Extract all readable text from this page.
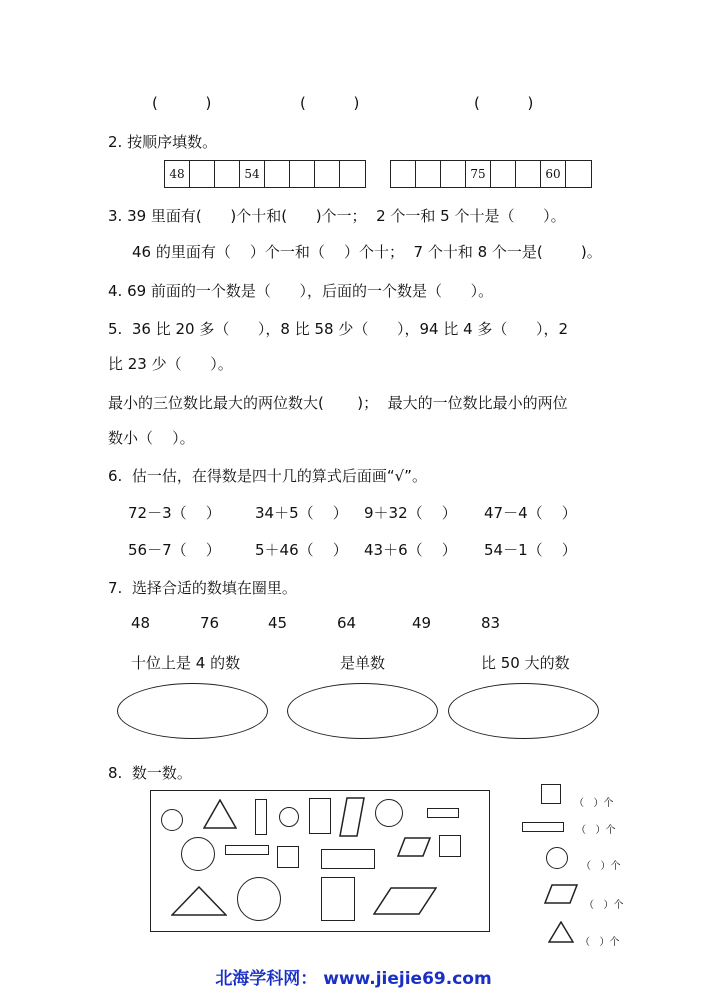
(          )	(          )	(          )
2. 按顺序填数。
48	54	75	60
3. 39 里面有(      )个十和(      )个一；  2 个一和 5 个十是（      ）。
46 的里面有（    ）个一和（    ）个十；  7 个十和 8 个一是(        )。
4. 69 前面的一个数是（      ），后面的一个数是（      ）。
5.  36 比 20 多（      ），8 比 58 少（      ），94 比 4 多（      ），2
比 23 少（      ）。
最小的三位数比最大的两位数大(       )；  最大的一位数比最小的两位
数小（    ）。
6.  估一估，在得数是四十几的算式后面画“√”。
72－3（    ） 34＋5（    ） 9＋32（    ） 47－4（    ）
56－7（    ） 5＋46（    ） 43＋6（    ） 54－1（    ）
7.  选择合适的数填在圈里。
48	76	45	64	49	83
十位上是 4 的数	是单数	比 50 大的数
8.  数一数。
（   ）个
（   ）个
（   ）个
（   ）个
（   ）个
北海学科网： www.jiejie69.com
